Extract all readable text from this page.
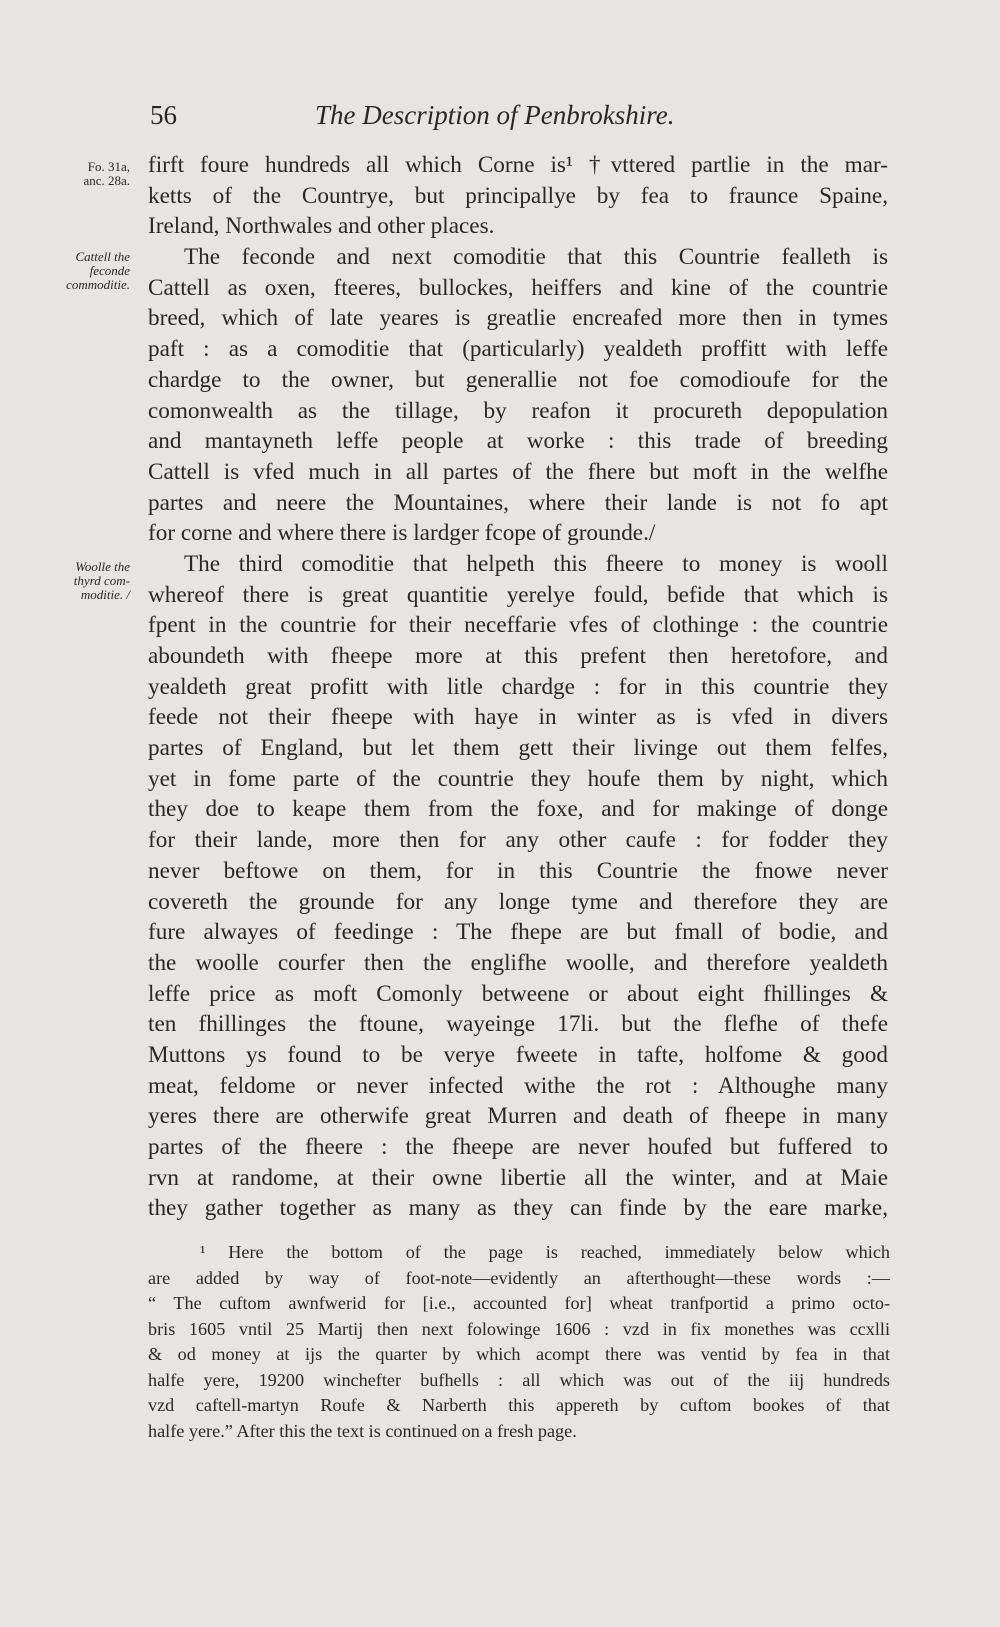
56	The Description of Penbrokshire.
Fo. 31a,
anc. 28a.
Cattell the
feconde
commoditie.
Woolle the
thyrd com-
moditie. /
firft foure hundreds all which Corne is¹ †vttered partlie in the mar-
ketts of the Countrye, but principallye by fea to fraunce Spaine,
Ireland, Northwales and other places.
The feconde and next comoditie that this Countrie fealleth is
Cattell as oxen, fteeres, bullockes, heiffers and kine of the countrie
breed, which of late yeares is greatlie encreafed more then in tymes
paft : as a comoditie that (particularly) yealdeth proffitt with leffe
chardge to the owner, but generallie not foe comodioufe for the
comonwealth as the tillage, by reafon it procureth depopulation
and mantayneth leffe people at worke : this trade of breeding
Cattell is vfed much in all partes of the fhere but moft in the welfhe
partes and neere the Mountaines, where their lande is not fo apt
for corne and where there is lardger fcope of grounde./
The third comoditie that helpeth this fheere to money is wooll
whereof there is great quantitie yerelye fould, befide that which is
fpent in the countrie for their neceffarie vfes of clothinge : the countrie
aboundeth with fheepe more at this prefent then heretofore, and
yealdeth great profitt with litle chardge : for in this countrie they
feede not their fheepe with haye in winter as is vfed in divers
partes of England, but let them gett their livinge out them felfes,
yet in fome parte of the countrie they houfe them by night, which
they doe to keape them from the foxe, and for makinge of donge
for their lande, more then for any other caufe : for fodder they
never beftowe on them, for in this Countrie the fnowe never
covereth the grounde for any longe tyme and therefore they are
fure alwayes of feedinge : The fhepe are but fmall of bodie, and
the woolle courfer then the englifhe woolle, and therefore yealdeth
leffe price as moft Comonly betweene or about eight fhillinges &
ten fhillinges the ftoune, wayeinge 17li. but the flefhe of thefe
Muttons ys found to be verye fweete in tafte, holfome & good
meat, feldome or never infected withe the rot : Althoughe many
yeres there are otherwife great Murren and death of fheepe in many
partes of the fheere : the fheepe are never houfed but fuffered to
rvn at randome, at their owne libertie all the winter, and at Maie
they gather together as many as they can finde by the eare marke,
¹ Here the bottom of the page is reached, immediately below which
are added by way of foot-note—evidently an afterthought—these words :—
“ The cuftom awnfwerid for [i.e., accounted for] wheat tranfportid a primo octo-
bris 1605 vntil 25 Martij then next folowinge 1606 : vzd in fix monethes was ccxlli
& od money at ijs the quarter by which acompt there was ventid by fea in that
halfe yere, 19200 winchefter bufhells : all which was out of the iij hundreds
vzd caftell-martyn Roufe & Narberth this appereth by cuftom bookes of that
halfe yere.” After this the text is continued on a fresh page.
